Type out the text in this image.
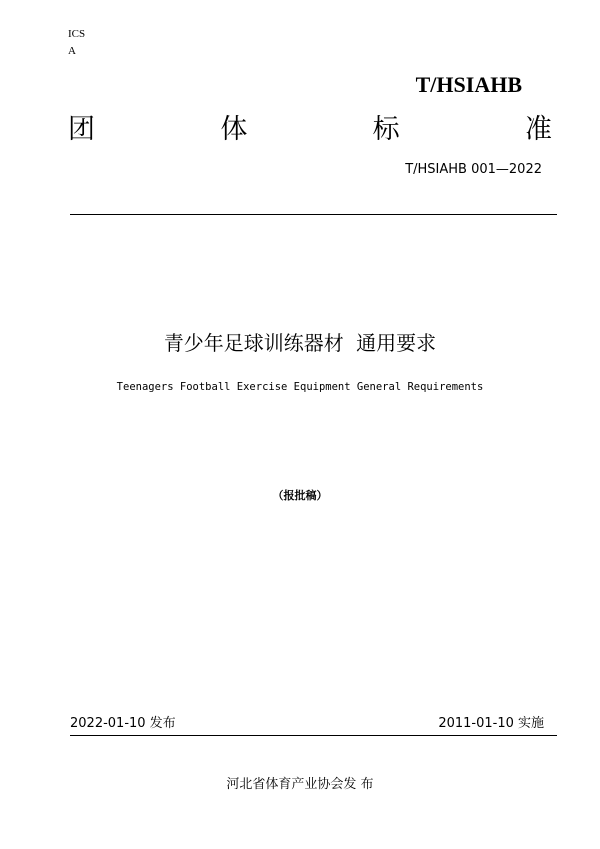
ICS
A
T/HSIAHB
团	体	标	准
T/HSIAHB 001—2022
青少年足球训练器材 通用要求
Teenagers Football Exercise Equipment General Requirements
（报批稿）
2022-01-10 发布	2011-01-10 实施
河北省体育产业协会发 布
